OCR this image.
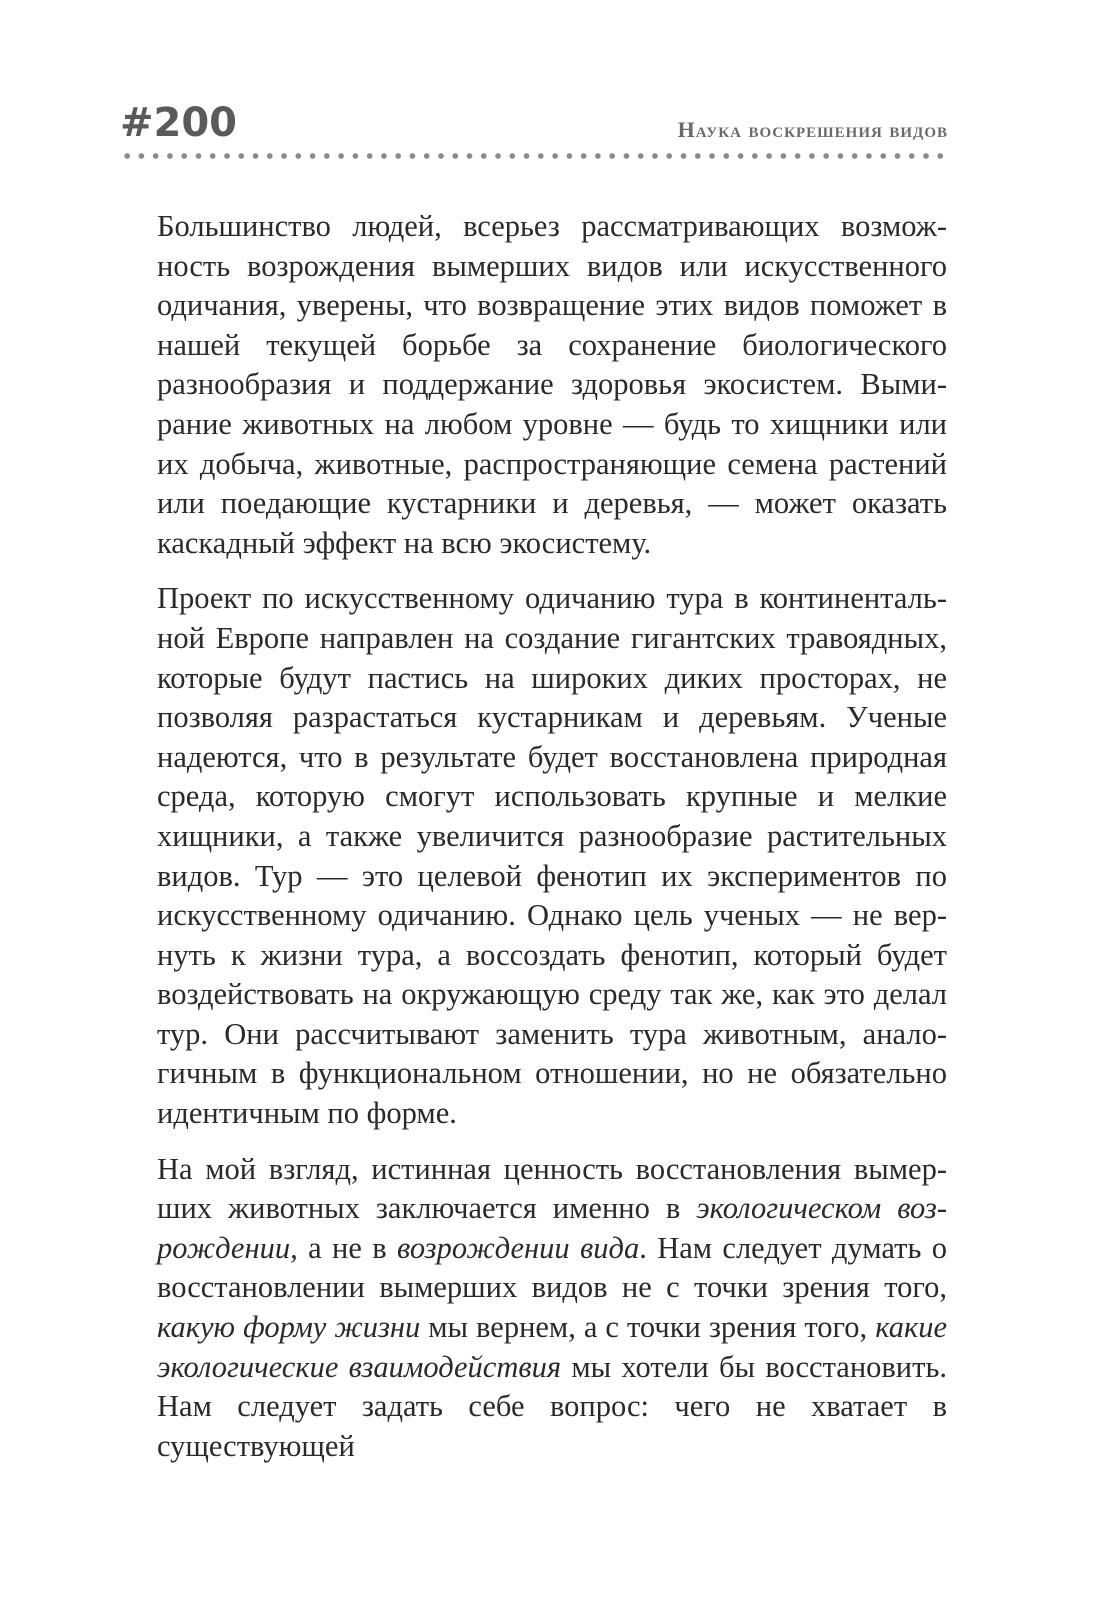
#200	Наука воскрешения видов

Большинство людей, всерьез рассматривающих возможность возрождения вымерших видов или искусственного одичания, уверены, что возвращение этих видов поможет в нашей текущей борьбе за сохранение биологического разнообразия и поддержание здоровья экосистем. Вымирание животных на любом уровне — будь то хищники или их добыча, животные, распространяющие семена растений или поедающие кустарники и деревья, — может оказать каскадный эффект на всю экосистему.

Проект по искусственному одичанию тура в континентальной Европе направлен на создание гигантских травоядных, которые будут пастись на широких диких просторах, не позволяя разрастаться кустарникам и деревьям. Ученые надеются, что в результате будет восстановлена природная среда, которую смогут использовать крупные и мелкие хищники, а также увеличится разнообразие растительных видов. Тур — это целевой фенотип их экспериментов по искусственному одичанию. Однако цель ученых — не вернуть к жизни тура, а воссоздать фенотип, который будет воздействовать на окружающую среду так же, как это делал тур. Они рассчитывают заменить тура животным, аналогичным в функциональном отношении, но не обязательно идентичным по форме.

На мой взгляд, истинная ценность восстановления вымерших животных заключается именно в экологическом возрождении, а не в возрождении вида. Нам следует думать о восстановлении вымерших видов не с точки зрения того, какую форму жизни мы вернем, а с точки зрения того, какие экологические взаимодействия мы хотели бы восстановить. Нам следует задать себе вопрос: чего не хватает в существующей
